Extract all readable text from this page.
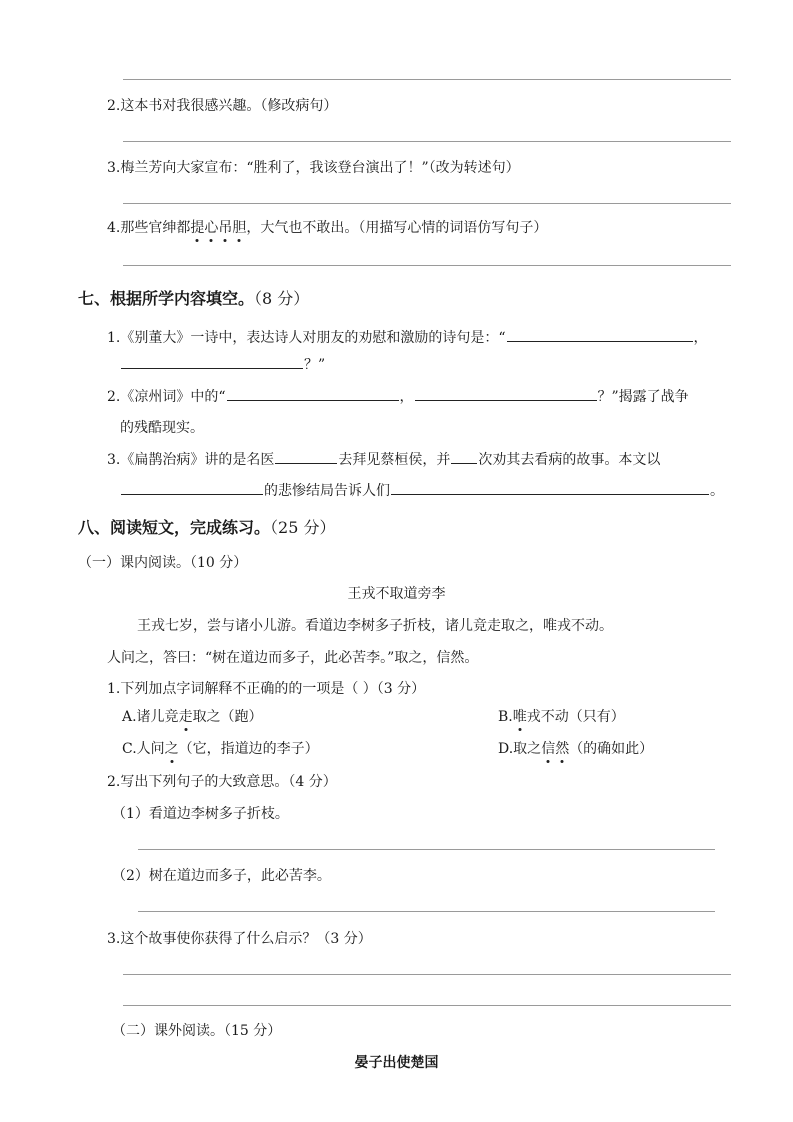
2.这本书对我很感兴趣。（修改病句）
3.梅兰芳向大家宣布：“胜利了，我该登台演出了！”（改为转述句）
4.那些官绅都提心吊胆，大气也不敢出。（用描写心情的词语仿写句子）
七、根据所学内容填空。（8 分）
1.《别董大》一诗中，表达诗人对朋友的劝慰和激励的诗句是：“	，
？”
2.《凉州词》中的“	，	？”揭露了战争
的残酷现实。
3.《扁鹊治病》讲的是名医	去拜见蔡桓侯，并 次劝其去看病的故事。本文以
的悲惨结局告诉人们	。
八、阅读短文，完成练习。（25 分）
（一）课内阅读。（10 分）
王戎不取道旁李
王戎七岁，尝与诸小儿游。看道边李树多子折枝，诸儿竞走取之，唯戎不动。
人问之，答曰：“树在道边而多子，此必苦李。”取之，信然。
1.下列加点字词解释不正确的的一项是（ ）（3 分）
A.诸儿竞走取之（跑）	B.唯戎不动（只有）
C.人问之（它，指道边的李子）	D.取之信然（的确如此）
2.写出下列句子的大致意思。（4 分）
（1）看道边李树多子折枝。
（2）树在道边而多子，此必苦李。
3.这个故事使你获得了什么启示？（3 分）
（二）课外阅读。（15 分）
晏子出使楚国
